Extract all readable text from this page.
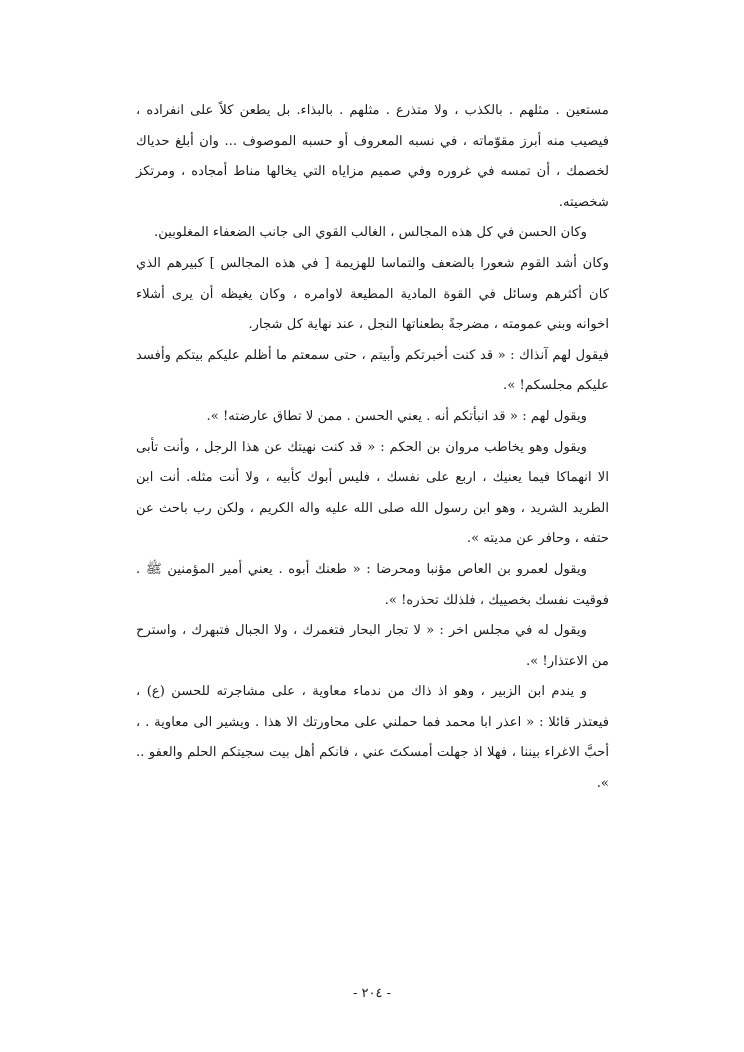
مستعين . مثلهم . بالكذب ، ولا متذرع . مثلهم . بالبذاء. بل يطعن كلاً على انفراده ، فيصيب منه أبرز مقوّماته ، في نسبه المعروف أو حسبه الموصوف ... وان أبلغ حدياك لخصمك ، أن تمسه في غروره وفي صميم مزاياه التي يخالها مناط أمجاده ، ومرتكز شخصيته.

وكان الحسن في كل هذه المجالس ، الغالب القوي الى جانب الضعفاء المغلوبين.

وكان أشد القوم شعورا بالضعف والتماسا للهزيمة [ في هذه المجالس ] كبيرهم الذي كان أكثرهم وسائل في القوة المادية المطيعة لاوامره ، وكان يغيظه أن يرى أشلاء اخوانه وبني عمومته ، مضرجةً بطعناتها النجل ، عند نهاية كل شجار.

فيقول لهم آنذاك : « قد كنت أخبرتكم وأبيتم ، حتى سمعتم ما أظلم عليكم بيتكم وأفسد عليكم مجلسكم! ».

ويقول لهم : « قد انبأتكم أنه . يعني الحسن . ممن لا تطاق عارضته! ».

ويقول وهو يخاطب مروان بن الحكم : « قد كنت نهيتك عن هذا الرجل ، وأنت تأبى الا انهماكا فيما يعنيك ، اربع على نفسك ، فليس أبوك كأبيه ، ولا أنت مثله. أنت ابن الطريد الشريد ، وهو ابن رسول الله صلى الله عليه واله الكريم ، ولكن رب باحث عن حتفه ، وحافر عن مديته ».

ويقول لعمرو بن العاص مؤنبا ومحرضا : « طعنك أبوه . يعني أمير المؤمنين ﷺ . فوقيت نفسك بخصييك ، فلذلك تحذره! ».

ويقول له في مجلس اخر : « لا تجار البحار فتغمرك ، ولا الجبال فتبهرك ، واسترح من الاعتذار! ».

و يندم ابن الزبير ، وهو اذ ذاك من ندماء معاوية ، على مشاجرته للحسن (ع) ، فيعتذر قائلا : « اعذر ابا محمد فما حملني على محاورتك الا هذا . ويشير الى معاوية . ، أحبَّ الاغراء بيننا ، فهلا اذ جهلت أمسكتَ عني ، فانكم أهل بيت سجيتكم الحلم والعفو .. ».

- ٢٠٤ -
